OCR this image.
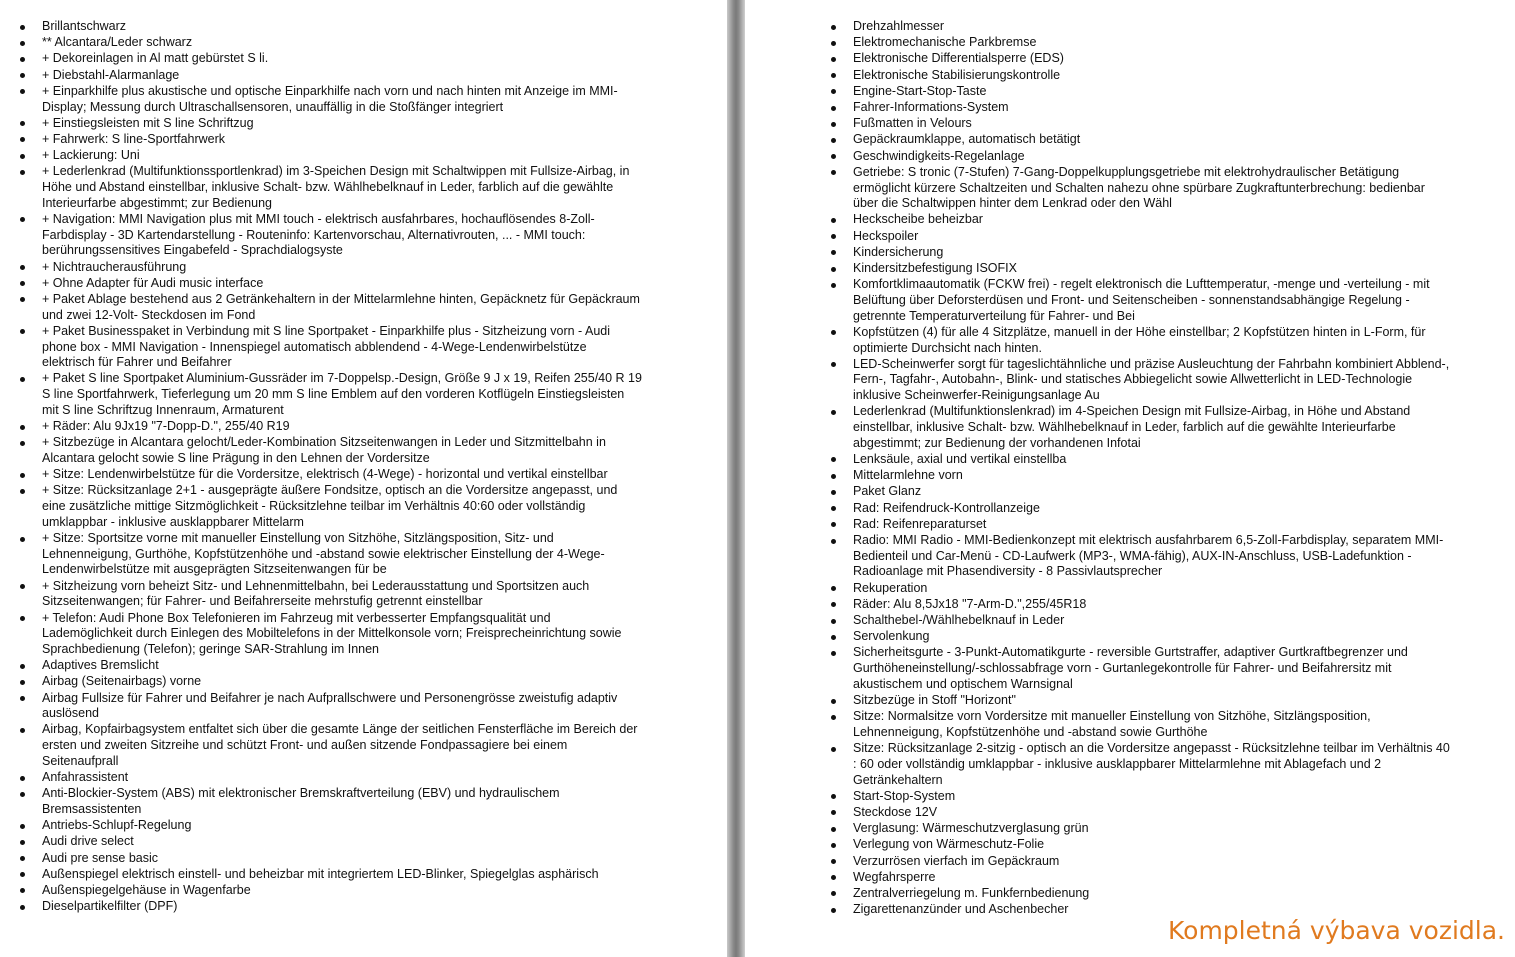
Brillantschwarz
** Alcantara/Leder schwarz
+ Dekoreinlagen in Al matt gebürstet S li.
+ Diebstahl-Alarmanlage
+ Einparkhilfe plus akustische und optische Einparkhilfe nach vorn und nach hinten mit Anzeige im MMI-Display; Messung durch Ultraschallsensoren, unauffällig in die Stoßfänger integriert
+ Einstiegsleisten mit S line Schriftzug
+ Fahrwerk: S line-Sportfahrwerk
+ Lackierung: Uni
+ Lederlenkrad (Multifunktionssportlenkrad) im 3-Speichen Design mit Schaltwippen mit Fullsize-Airbag, in Höhe und Abstand einstellbar, inklusive Schalt- bzw. Wählhebelknauf in Leder, farblich auf die gewählte Interieurfarbe abgestimmt; zur Bedienung
+ Navigation: MMI Navigation plus mit MMI touch - elektrisch ausfahrbares, hochauflösendes 8-Zoll-Farbdisplay - 3D Kartendarstellung - Routeninfo: Kartenvorschau, Alternativrouten, ... - MMI touch: berührungssensitives Eingabefeld - Sprachdialogsyste
+ Nichtraucherausführung
+ Ohne Adapter für Audi music interface
+ Paket Ablage bestehend aus 2 Getränkehaltern in der Mittelarmlehne hinten, Gepäcknetz für Gepäckraum und zwei 12-Volt- Steckdosen im Fond
+ Paket Businesspaket in Verbindung mit S line Sportpaket - Einparkhilfe plus - Sitzheizung vorn - Audi phone box - MMI Navigation - Innenspiegel automatisch abblendend - 4-Wege-Lendenwirbelstütze elektrisch für Fahrer und Beifahrer
+ Paket S line Sportpaket Aluminium-Gussräder im 7-Doppelsp.-Design, Größe 9 J x 19, Reifen 255/40 R 19 S line Sportfahrwerk, Tieferlegung um 20 mm S line Emblem auf den vorderen Kotflügeln Einstiegsleisten mit S line Schriftzug Innenraum, Armaturent
+ Räder: Alu 9Jx19 "7-Dopp-D.", 255/40 R19
+ Sitzbezüge in Alcantara gelocht/Leder-Kombination Sitzseitenwangen in Leder und Sitzmittelbahn in Alcantara gelocht sowie S line Prägung in den Lehnen der Vordersitze
+ Sitze: Lendenwirbelstütze für die Vordersitze, elektrisch (4-Wege) - horizontal und vertikal einstellbar
+ Sitze: Rücksitzanlage 2+1 - ausgeprägte äußere Fondsitze, optisch an die Vordersitze angepasst, und eine zusätzliche mittige Sitzmöglichkeit - Rücksitzlehne teilbar im Verhältnis 40:60 oder vollständig umklappbar - inklusive ausklappbarer Mittelarm
+ Sitze: Sportsitze vorne mit manueller Einstellung von Sitzhöhe, Sitzlängsposition, Sitz- und Lehnenneigung, Gurthöhe, Kopfstützenhöhe und -abstand sowie elektrischer Einstellung der 4-Wege-Lendenwirbelstütze mit ausgeprägten Sitzseitenwangen für be
+ Sitzheizung vorn beheizt Sitz- und Lehnenmittelbahn, bei Lederausstattung und Sportsitzen auch Sitzseitenwangen; für Fahrer- und Beifahrerseite mehrstufig getrennt einstellbar
+ Telefon: Audi Phone Box Telefonieren im Fahrzeug mit verbesserter Empfangsqualität und Lademöglichkeit durch Einlegen des Mobiltelefons in der Mittelkonsole vorn; Freisprecheinrichtung sowie Sprachbedienung (Telefon); geringe SAR-Strahlung im Innen
Adaptives Bremslicht
Airbag (Seitenairbags) vorne
Airbag Fullsize für Fahrer und Beifahrer je nach Aufprallschwere und Personengrösse zweistufig adaptiv auslösend
Airbag, Kopfairbagsystem entfaltet sich über die gesamte Länge der seitlichen Fensterfläche im Bereich der ersten und zweiten Sitzreihe und schützt Front- und außen sitzende Fondpassagiere bei einem Seitenaufprall
Anfahrassistent
Anti-Blockier-System (ABS) mit elektronischer Bremskraftverteilung (EBV) und hydraulischem Bremsassistenten
Antriebs-Schlupf-Regelung
Audi drive select
Audi pre sense basic
Außenspiegel elektrisch einstell- und beheizbar mit integriertem LED-Blinker, Spiegelglas asphärisch
Außenspiegelgehäuse in Wagenfarbe
Dieselpartikelfilter (DPF)
Drehzahlmesser
Elektromechanische Parkbremse
Elektronische Differentialsperre (EDS)
Elektronische Stabilisierungskontrolle
Engine-Start-Stop-Taste
Fahrer-Informations-System
Fußmatten in Velours
Gepäckraumklappe, automatisch betätigt
Geschwindigkeits-Regelanlage
Getriebe: S tronic (7-Stufen) 7-Gang-Doppelkupplungsgetriebe mit elektrohydraulischer Betätigung ermöglicht kürzere Schaltzeiten und Schalten nahezu ohne spürbare Zugkraftunterbrechung: bedienbar über die Schaltwippen hinter dem Lenkrad oder den Wähl
Heckscheibe beheizbar
Heckspoiler
Kindersicherung
Kindersitzbefestigung ISOFIX
Komfortklimaautomatik (FCKW frei) - regelt elektronisch die Lufttemperatur, -menge und -verteilung - mit Belüftung über Deforsterdüsen und Front- und Seitenscheiben - sonnenstandsabhängige Regelung - getrennte Temperaturverteilung für Fahrer- und Bei
Kopfstützen (4) für alle 4 Sitzplätze, manuell in der Höhe einstellbar; 2 Kopfstützen hinten in L-Form, für optimierte Durchsicht nach hinten.
LED-Scheinwerfer sorgt für tageslichtähnliche und präzise Ausleuchtung der Fahrbahn kombiniert Abblend-, Fern-, Tagfahr-, Autobahn-, Blink- und statisches Abbiegelicht sowie Allwetterlicht in LED-Technologie inklusive Scheinwerfer-Reinigungsanlage Au
Lederlenkrad (Multifunktionslenkrad) im 4-Speichen Design mit Fullsize-Airbag, in Höhe und Abstand einstellbar, inklusive Schalt- bzw. Wählhebelknauf in Leder, farblich auf die gewählte Interieurfarbe abgestimmt; zur Bedienung der vorhandenen Infotai
Lenksäule, axial und vertikal einstellba
Mittelarmlehne vorn
Paket Glanz
Rad: Reifendruck-Kontrollanzeige
Rad: Reifenreparaturset
Radio: MMI Radio - MMI-Bedienkonzept mit elektrisch ausfahrbarem 6,5-Zoll-Farbdisplay, separatem MMI-Bedienteil und Car-Menü - CD-Laufwerk (MP3-, WMA-fähig), AUX-IN-Anschluss, USB-Ladefunktion - Radioanlage mit Phasendiversity - 8 Passivlautsprecher
Rekuperation
Räder: Alu 8,5Jx18 "7-Arm-D.",255/45R18
Schalthebel-/Wählhebelknauf in Leder
Servolenkung
Sicherheitsgurte - 3-Punkt-Automatikgurte - reversible Gurtstraffer, adaptiver Gurtkraftbegrenzer und Gurthöheneinstellung/-schlossabfrage vorn - Gurtanlegekontrolle für Fahrer- und Beifahrersitz mit akustischem und optischem Warnsignal
Sitzbezüge in Stoff "Horizont"
Sitze: Normalsitze vorn Vordersitze mit manueller Einstellung von Sitzhöhe, Sitzlängsposition, Lehnenneigung, Kopfstützenhöhe und -abstand sowie Gurthöhe
Sitze: Rücksitzanlage 2-sitzig - optisch an die Vordersitze angepasst - Rücksitzlehne teilbar im Verhältnis 40 : 60 oder vollständig umklappbar - inklusive ausklappbarer Mittelarmlehne mit Ablagefach und 2 Getränkehaltern
Start-Stop-System
Steckdose 12V
Verglasung: Wärmeschutzverglasung grün
Verlegung von Wärmeschutz-Folie
Verzurrösen vierfach im Gepäckraum
Wegfahrsperre
Zentralverriegelung m. Funkfernbedienung
Zigarettenanzünder und Aschenbecher
Kompletná výbava vozidla.
